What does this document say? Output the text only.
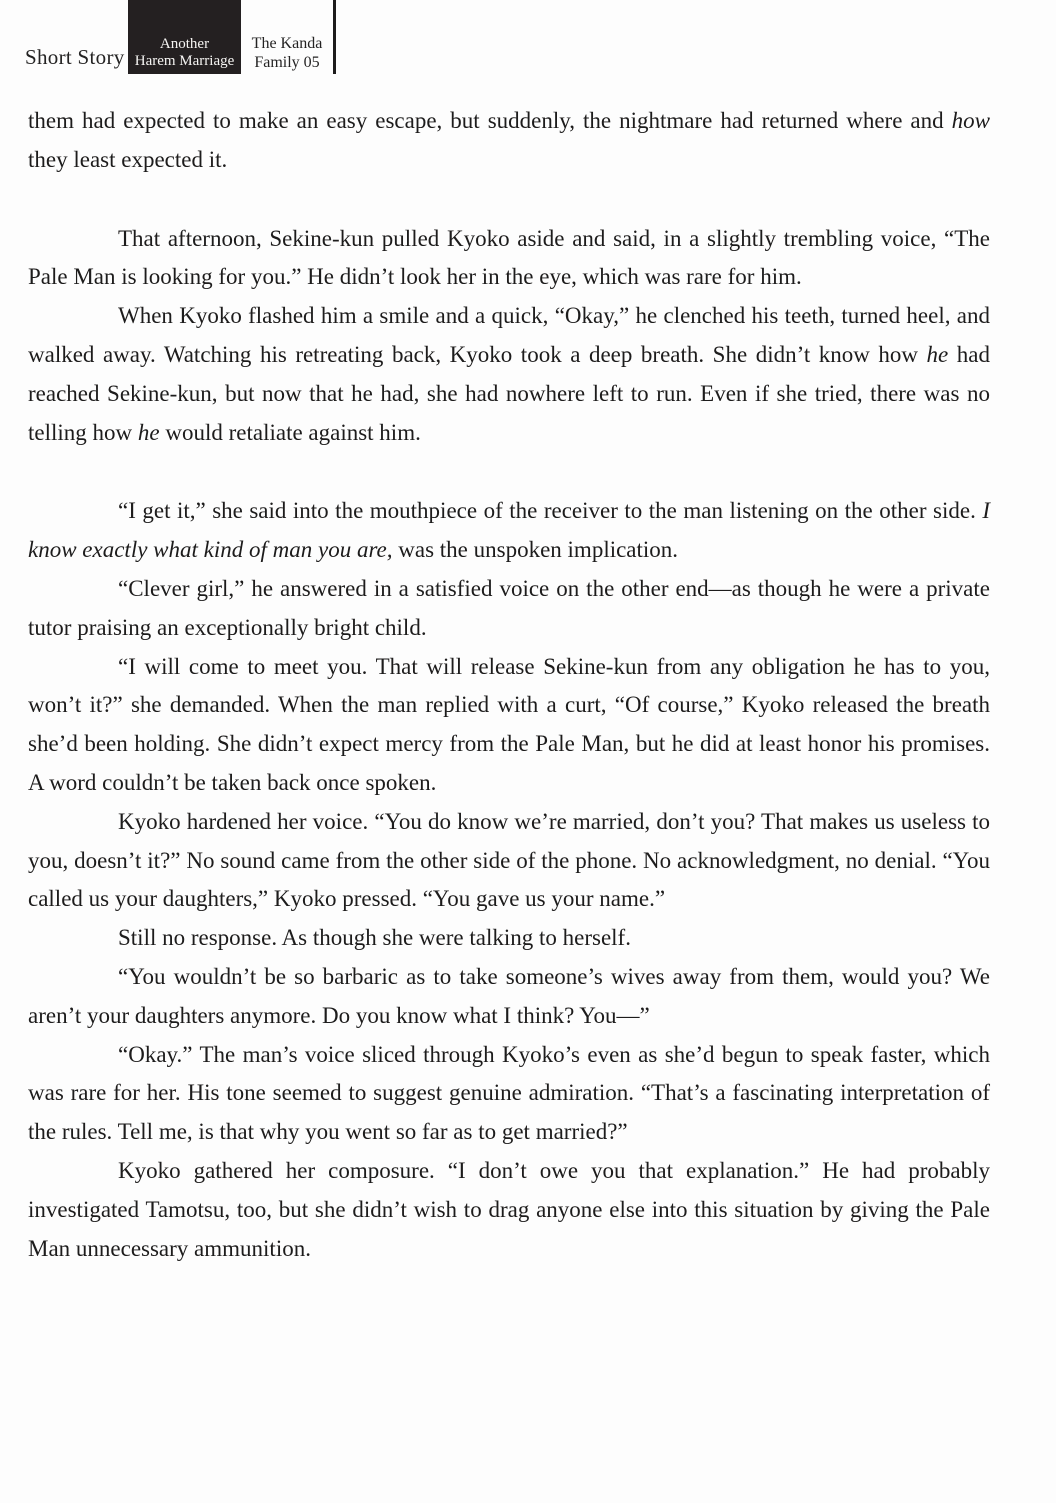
Short Story
Another
Harem Marriage
The Kanda
Family 05

them had expected to make an easy escape, but suddenly, the nightmare had returned where and how they least expected it.

That afternoon, Sekine-kun pulled Kyoko aside and said, in a slightly trembling voice, “The Pale Man is looking for you.” He didn’t look her in the eye, which was rare for him.

When Kyoko flashed him a smile and a quick, “Okay,” he clenched his teeth, turned heel, and walked away. Watching his retreating back, Kyoko took a deep breath. She didn’t know how he had reached Sekine-kun, but now that he had, she had nowhere left to run. Even if she tried, there was no telling how he would retaliate against him.

“I get it,” she said into the mouthpiece of the receiver to the man listening on the other side. I know exactly what kind of man you are, was the unspoken implication.

“Clever girl,” he answered in a satisfied voice on the other end—as though he were a private tutor praising an exceptionally bright child.

“I will come to meet you. That will release Sekine-kun from any obligation he has to you, won’t it?” she demanded. When the man replied with a curt, “Of course,” Kyoko released the breath she’d been holding. She didn’t expect mercy from the Pale Man, but he did at least honor his promises. A word couldn’t be taken back once spoken.

Kyoko hardened her voice. “You do know we’re married, don’t you? That makes us useless to you, doesn’t it?” No sound came from the other side of the phone. No acknowledgment, no denial. “You called us your daughters,” Kyoko pressed. “You gave us your name.”

Still no response. As though she were talking to herself.

“You wouldn’t be so barbaric as to take someone’s wives away from them, would you? We aren’t your daughters anymore. Do you know what I think? You—”

“Okay.” The man’s voice sliced through Kyoko’s even as she’d begun to speak faster, which was rare for her. His tone seemed to suggest genuine admiration. “That’s a fascinating interpretation of the rules. Tell me, is that why you went so far as to get married?”

Kyoko gathered her composure. “I don’t owe you that explanation.” He had probably investigated Tamotsu, too, but she didn’t wish to drag anyone else into this situation by giving the Pale Man unnecessary ammunition.
